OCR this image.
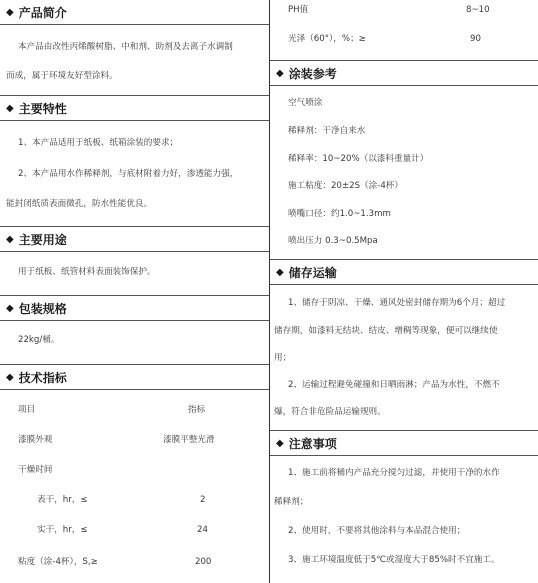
◆ 产品简介
本产品由改性丙烯酸树脂、中和剂、助剂及去离子水调制
而成，属于环境友好型涂料。
◆ 主要特性
1、本产品适用于纸板、纸箱涂装的要求；
2、本产品用水作稀释剂，与底材附着力好，渗透能力强，
能封闭纸质表面微孔，防水性能优良。
◆ 主要用途
用于纸板、纸管材料表面装饰保护。
◆ 包装规格
22kg/桶。
◆ 技术指标
项目	指标
漆膜外观	漆膜平整光滑
干燥时间
表干，hr，≤	2
实干，hr，≤	24
粘度（涂-4杯），S,≥	200
PH值	8~10
光泽（60°），%；≥	90
◆ 涂装参考
空气喷涂
稀释剂：干净自来水
稀释率：10~20%（以漆料重量计）
施工粘度：20±2S（涂-4杯）
喷嘴口径：约1.0~1.3mm
喷出压力 0.3~0.5Mpa
◆ 储存运输
1、储存于阴凉、干燥、通风处密封储存期为6个月；超过
储存期，如漆料无结块、结皮、增稠等现象，便可以继续使
用；
2、运输过程避免碰撞和日晒雨淋；产品为水性，不燃不
爆，符合非危险品运输规则。
◆ 注意事项
1、施工前将桶内产品充分搅匀过滤，并使用干净的水作
稀释剂；
2、使用时，不要将其他涂料与本品混合使用；
3、施工环境温度低于5℃或湿度大于85%时不宜施工。
